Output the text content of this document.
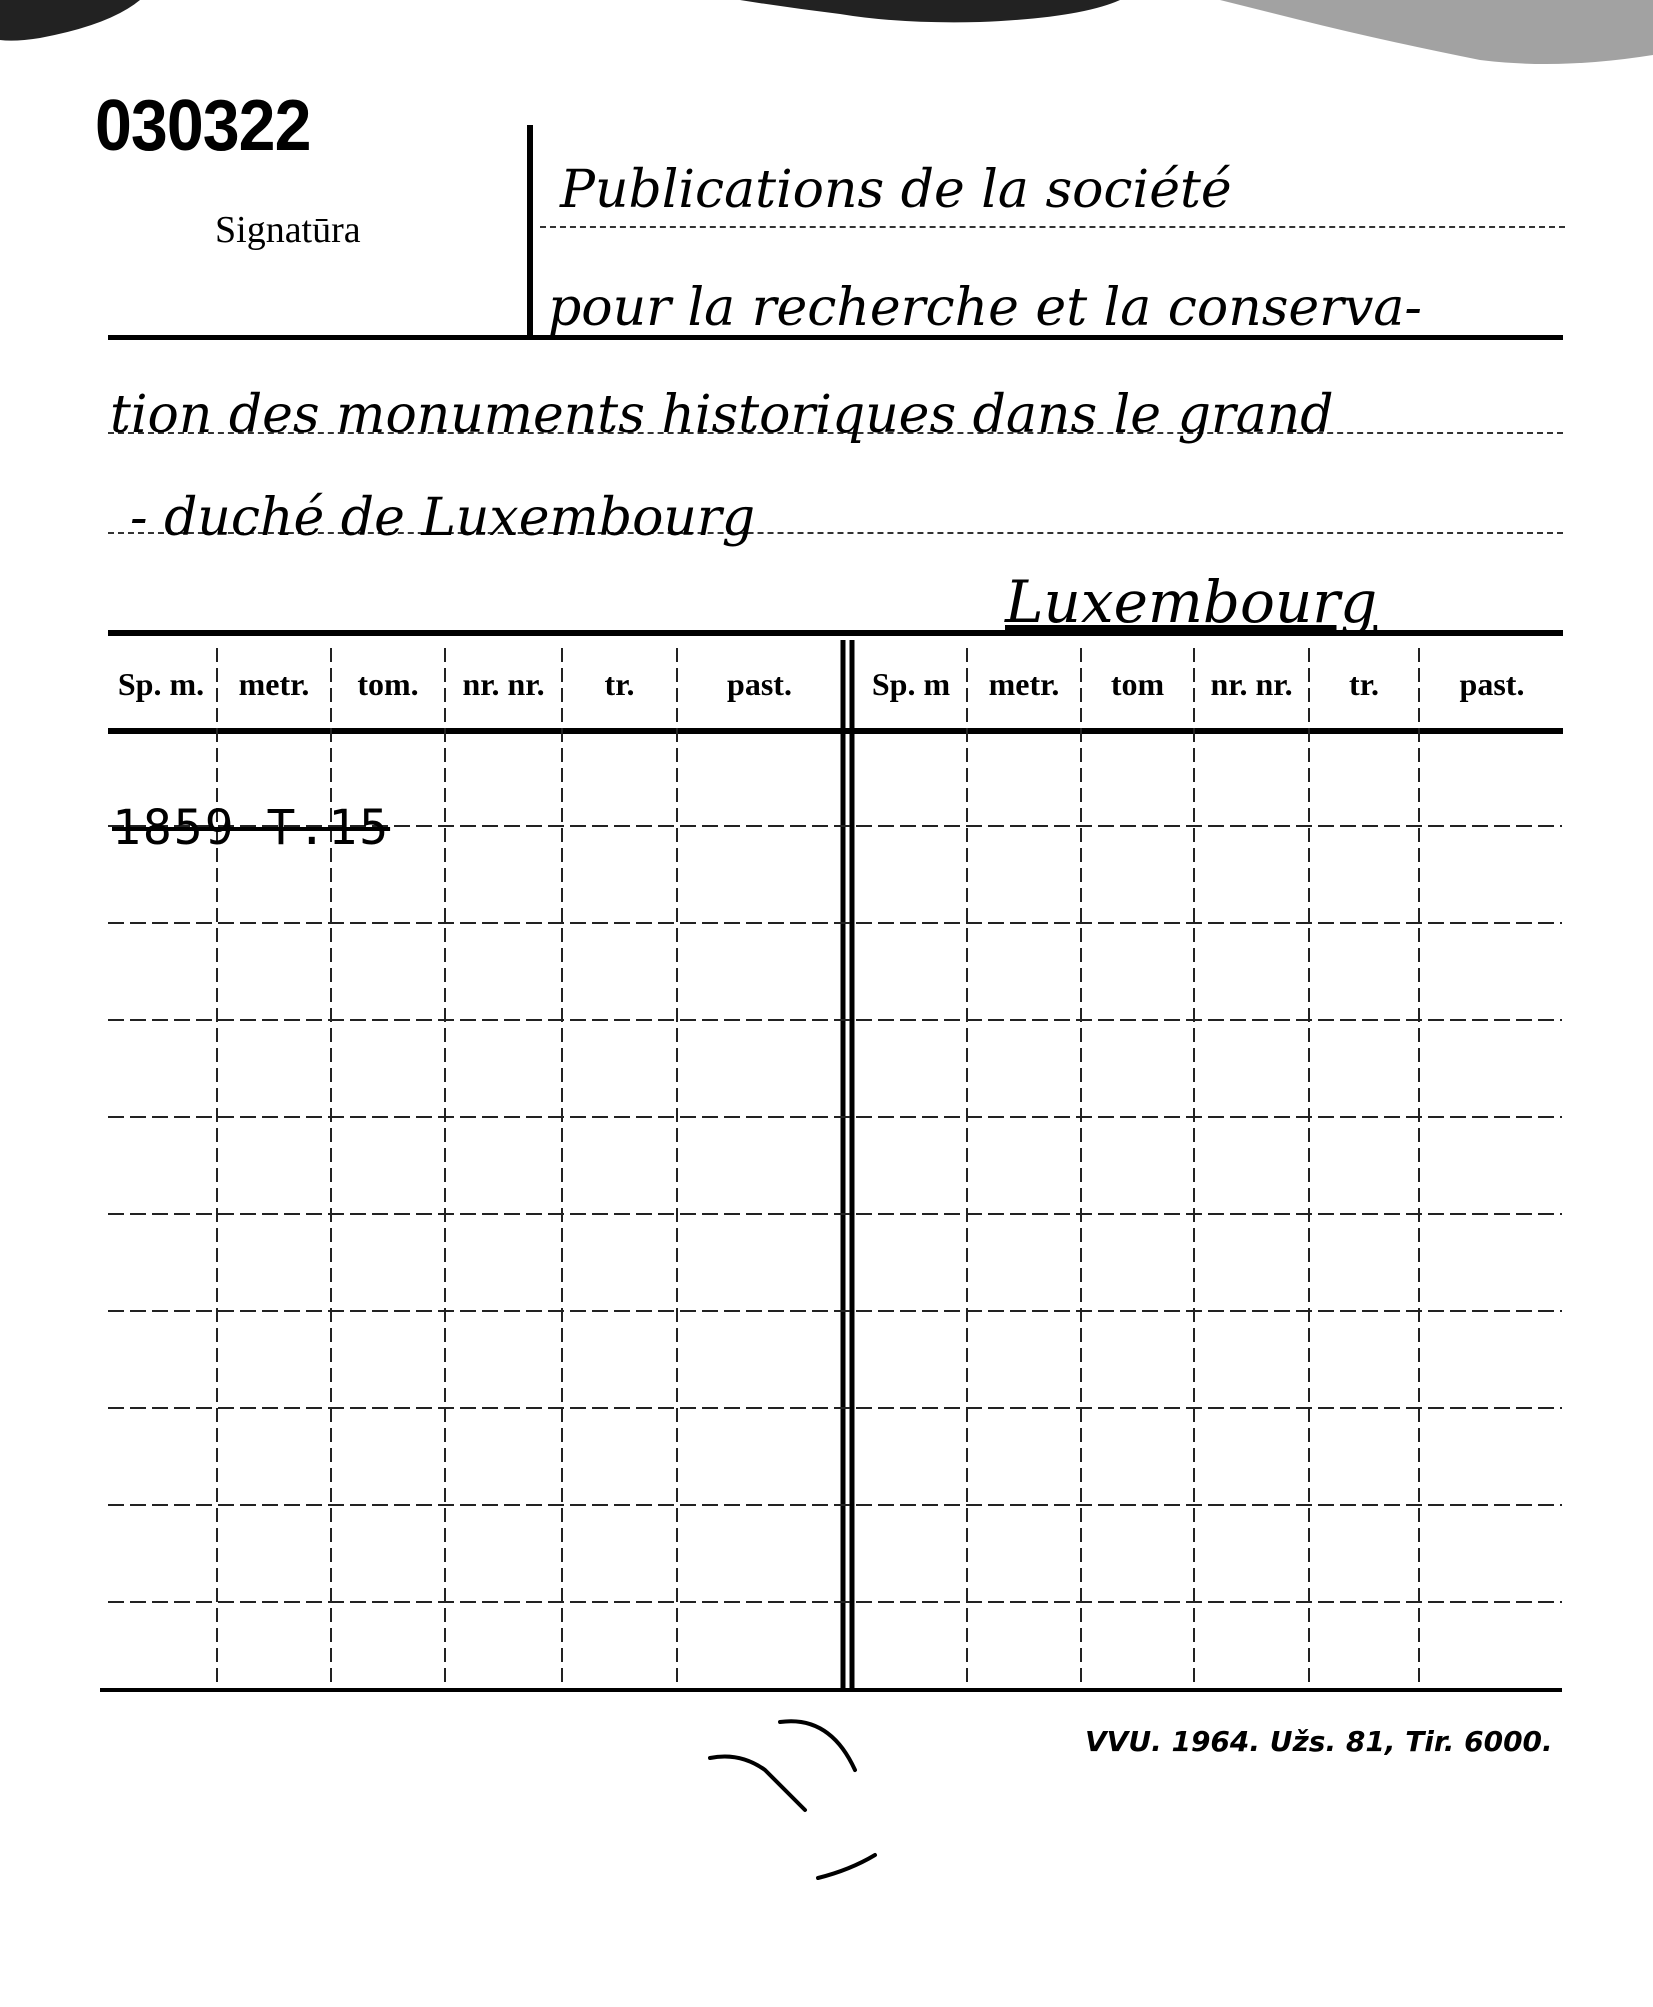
030322
Signatūra
Publications de la société
pour la recherche et la conserva-
tion des monuments historiques dans le grand
- duché de Luxembourg
Luxembourg
Sp. m.	metr.	tom.	nr. nr.	tr.	past.	Sp. m	metr.	tom	nr. nr.	tr.	past.
1859 T.15
VVU. 1964. Užs. 81, Tir. 6000.
